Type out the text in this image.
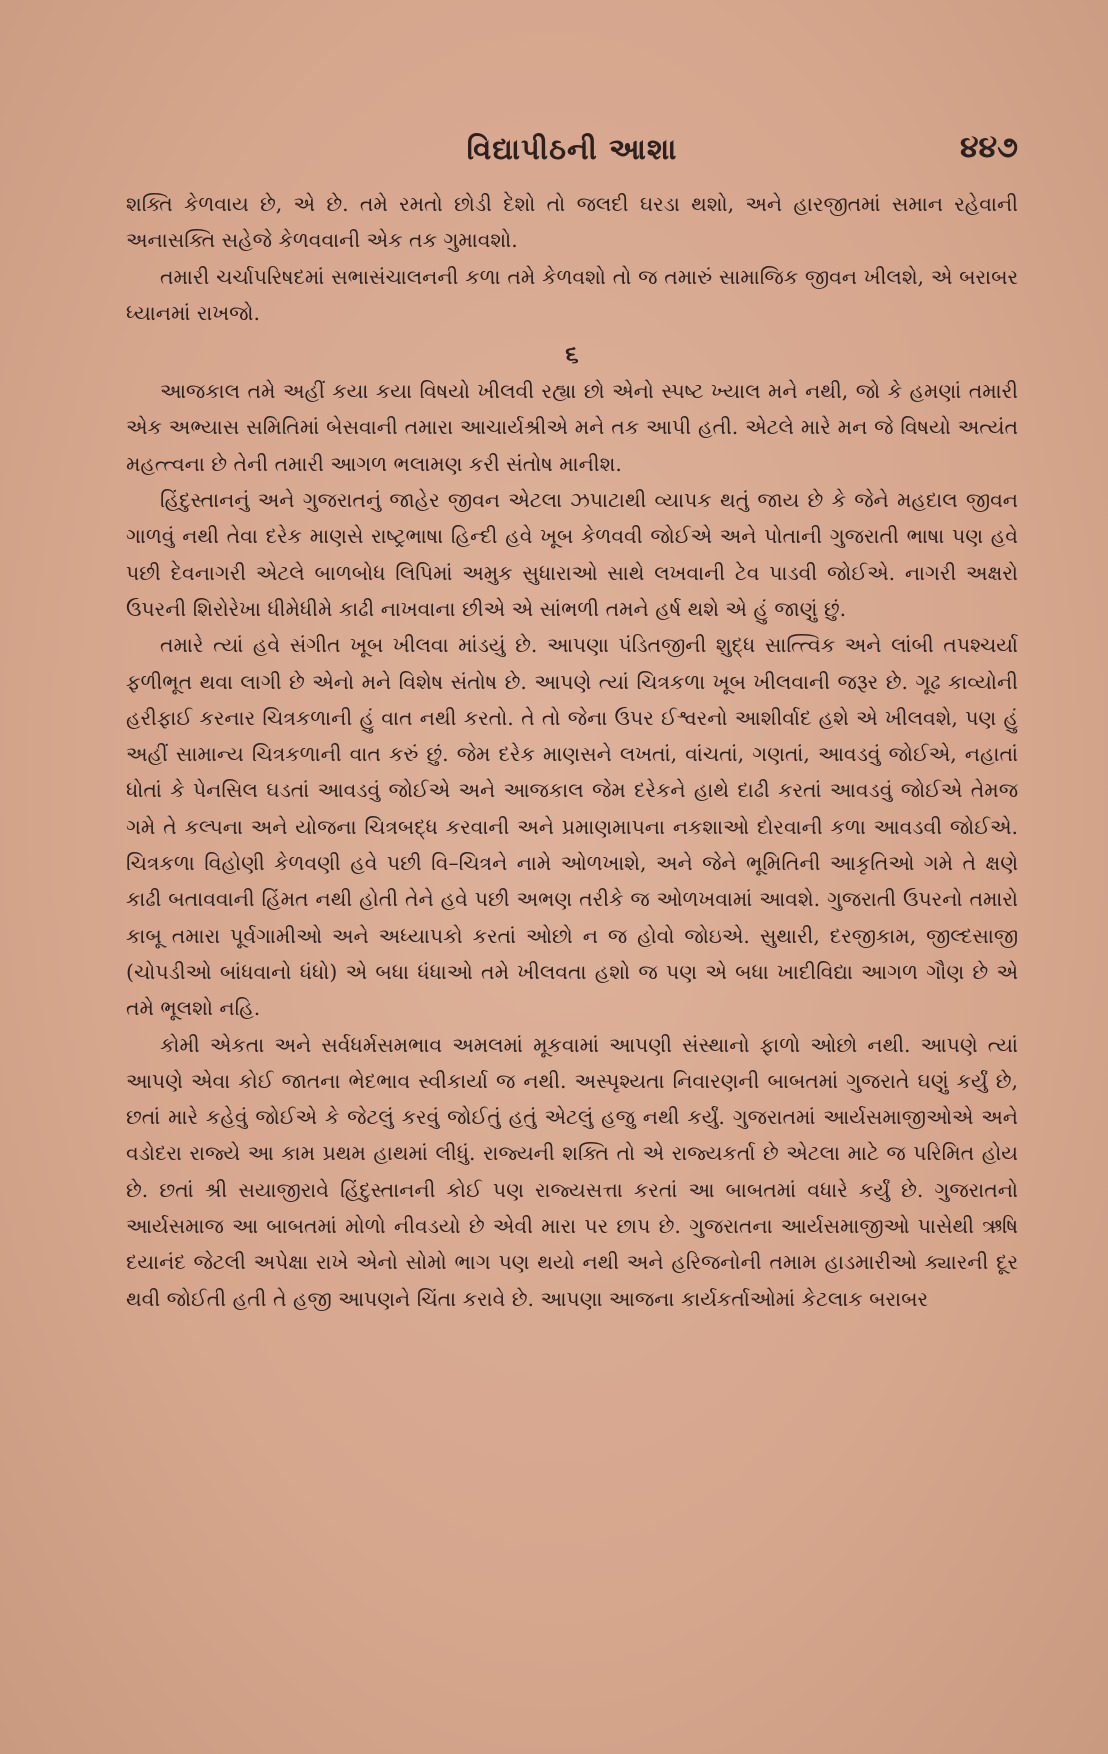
વિદ્યાપીઠની આશા	૪૪૭

શક્તિ કેળવાય છે, એ છે. તમે રમતો છોડી દેશો તો જલદી ઘરડા થશો, અને હારજીતમાં સમાન રહેવાની અનાસક્તિ સહેજે કેળવવાની એક તક ગુમાવશો.

તમારી ચર્ચાપરિષદમાં સભાસંચાલનની કળા તમે કેળવશો તો જ તમારું સામાજિક જીવન ખીલશે, એ બરાબર ધ્યાનમાં રાખજો.

૬

આજકાલ તમે અહીં કયા કયા વિષયો ખીલવી રહ્યા છો એનો સ્પષ્ટ ખ્યાલ મને નથી, જો કે હમણાં તમારી એક અભ્યાસ સમિતિમાં બેસવાની તમારા આચાર્યશ્રીએ મને તક આપી હતી. એટલે મારે મન જે વિષયો અત્યંત મહત્ત્વના છે તેની તમારી આગળ ભલામણ કરી સંતોષ માનીશ.

હિંદુસ્તાનનું અને ગુજરાતનું જાહેર જીવન એટલા ઝપાટાથી વ્યાપક થતું જાય છે કે જેને મહદાલ જીવન ગાળવું નથી તેવા દરેક માણસે રાષ્ટ્રભાષા હિન્દી હવે ખૂબ કેળવવી જોઈએ અને પોતાની ગુજરાતી ભાષા પણ હવે પછી દેવનાગરી એટલે બાળબોધ લિપિમાં અમુક સુધારાઓ સાથે લખવાની ટેવ પાડવી જોઈએ. નાગરી અક્ષરો ઉપરની શિરોરેખા ધીમેધીમે કાઢી નાખવાના છીએ એ સાંભળી તમને હર્ષ થશે એ હું જાણું છું.

તમારે ત્યાં હવે સંગીત ખૂબ ખીલવા માંડયું છે. આપણા પંડિતજીની શુદ્ધ સાત્ત્વિક અને લાંબી તપશ્ચર્યા ફળીભૂત થવા લાગી છે એનો મને વિશેષ સંતોષ છે. આપણે ત્યાં ચિત્રકળા ખૂબ ખીલવાની જરૂર છે. ગૂઢ કાવ્યોની હરીફાઈ કરનાર ચિત્રકળાની હું વાત નથી કરતો. તે તો જેના ઉપર ઈશ્વરનો આશીર્વાદ હશે એ ખીલવશે, પણ હું અહીં સામાન્ય ચિત્રકળાની વાત કરું છું. જેમ દરેક માણસને લખતાં, વાંચતાં, ગણતાં, આવડવું જોઈએ, નહાતાં ધોતાં કે પેનસિલ ઘડતાં આવડવું જોઈએ અને આજકાલ જેમ દરેકને હાથે દાઢી કરતાં આવડવું જોઈએ તેમજ ગમે તે કલ્પના અને યોજના ચિત્રબદ્ધ કરવાની અને પ્રમાણમાપના નકશાઓ દોરવાની કળા આવડવી જોઈએ. ચિત્રકળા વિહોણી કેળવણી હવે પછી વિ–ચિત્રને નામે ઓળખાશે, અને જેને ભૂમિતિની આકૃતિઓ ગમે તે ક્ષણે કાઢી બતાવવાની હિંમત નથી હોતી તેને હવે પછી અભણ તરીકે જ ઓળખવામાં આવશે. ગુજરાતી ઉપરનો તમારો કાબૂ તમારા પૂર્વગામીઓ અને અધ્યાપકો કરતાં ઓછો ન જ હોવો જોઇએ. સુથારી, દરજીકામ, જીલ્દસાજી (ચોપડીઓ બાંધવાનો ધંધો) એ બધા ધંધાઓ તમે ખીલવતા હશો જ પણ એ બધા ખાદીવિદ્યા આગળ ગૌણ છે એ તમે ભૂલશો નહિ.

કોમી એકતા અને સર્વધર્મસમભાવ અમલમાં મૂકવામાં આપણી સંસ્થાનો ફાળો ઓછો નથી. આપણે ત્યાં આપણે એવા કોઈ જાતના ભેદભાવ સ્વીકાર્યા જ નથી. અસ્પૃશ્યતા નિવારણની બાબતમાં ગુજરાતે ઘણું કર્યું છે, છતાં મારે કહેવું જોઈએ કે જેટલું કરવું જોઈતું હતું એટલું હજુ નથી કર્યું. ગુજરાતમાં આર્યસમાજીઓએ અને વડોદરા રાજ્યે આ કામ પ્રથમ હાથમાં લીધું. રાજ્યની શક્તિ તો એ રાજ્યકર્તા છે એટલા માટે જ પરિમિત હોય છે. છતાં શ્રી સયાજીરાવે હિંદુસ્તાનની કોઈ પણ રાજ્યસત્તા કરતાં આ બાબતમાં વધારે કર્યું છે. ગુજરાતનો આર્યસમાજ આ બાબતમાં મોળો નીવડયો છે એવી મારા પર છાપ છે. ગુજરાતના આર્યસમાજીઓ પાસેથી ઋષિ દયાનંદ જેટલી અપેક્ષા રાખે એનો સોમો ભાગ પણ થયો નથી અને હરિજનોની તમામ હાડમારીઓ ક્યારની દૂર થવી જોઈતી હતી તે હજી આપણને ચિંતા કરાવે છે. આપણા આજના કાર્યકર્તાઓમાં કેટલાક બરાબર
